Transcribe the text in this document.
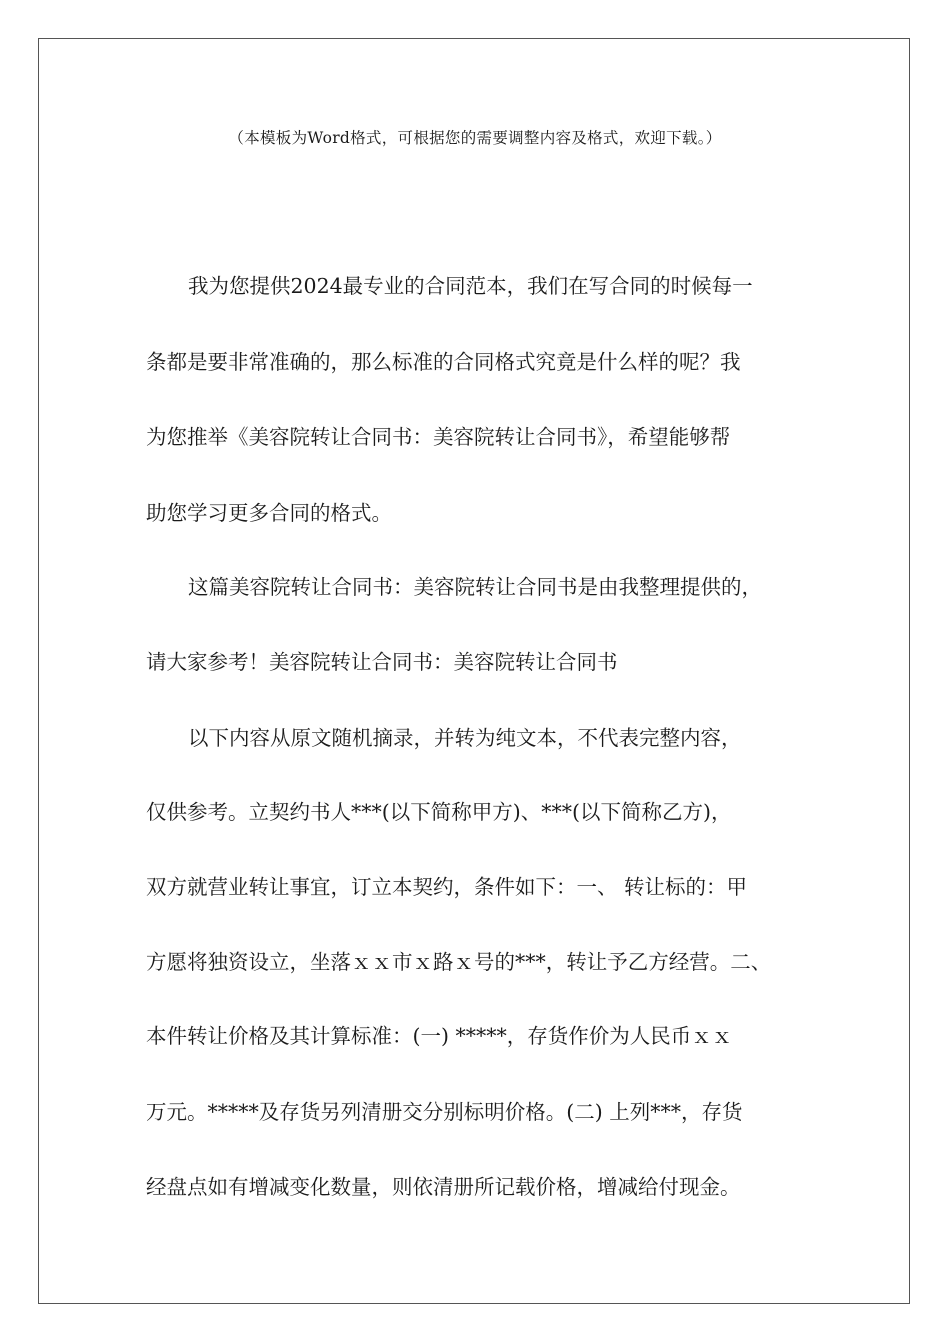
（本模板为Word格式，可根据您的需要调整内容及格式，欢迎下载。）
我为您提供2024最专业的合同范本，我们在写合同的时候每一
条都是要非常准确的，那么标准的合同格式究竟是什么样的呢？我
为您推举《美容院转让合同书：美容院转让合同书》，希望能够帮
助您学习更多合同的格式。
这篇美容院转让合同书：美容院转让合同书是由我整理提供的，
请大家参考！美容院转让合同书：美容院转让合同书
以下内容从原文随机摘录，并转为纯文本，不代表完整内容，
仅供参考。立契约书人***(以下简称甲方)、***(以下简称乙方)，
双方就营业转让事宜，订立本契约，条件如下：一、 转让标的：甲
方愿将独资设立，坐落ｘｘ市ｘ路ｘ号的***，转让予乙方经营。二、
本件转让价格及其计算标准：(一) *****，存货作价为人民币ｘｘ
万元。*****及存货另列清册交分别标明价格。(二) 上列***，存货
经盘点如有增减变化数量，则依清册所记载价格，增减给付现金。
